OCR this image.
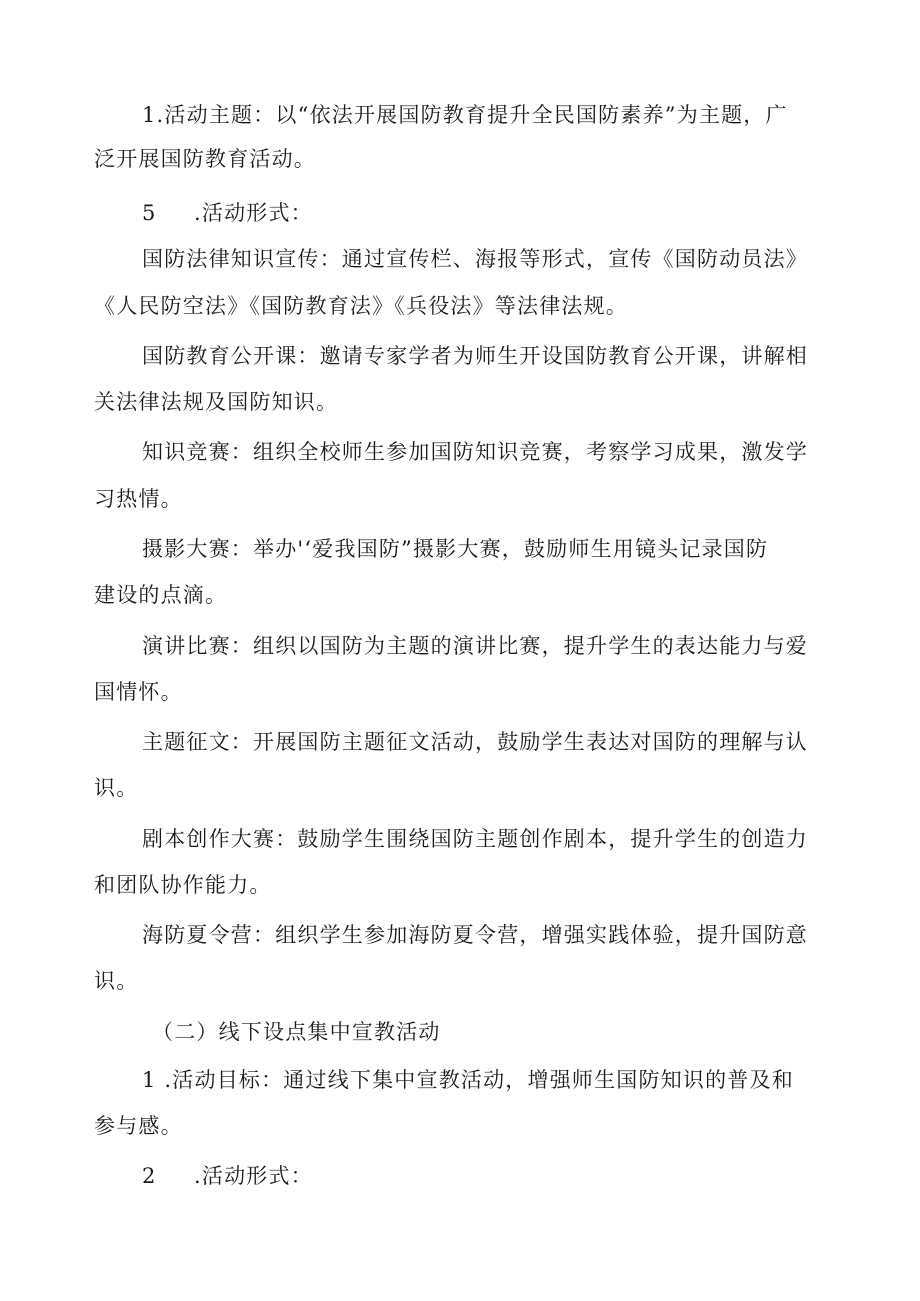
1.活动主题：以“依法开展国防教育提升全民国防素养”为主题，广
泛开展国防教育活动。
5 .活动形式：
国防法律知识宣传：通过宣传栏、海报等形式，宣传《国防动员法》
《人民防空法》《国防教育法》《兵役法》等法律法规。
国防教育公开课：邀请专家学者为师生开设国防教育公开课，讲解相
关法律法规及国防知识。
知识竞赛：组织全校师生参加国防知识竞赛，考察学习成果，激发学
习热情。
摄影大赛：举办'‘爱我国防”摄影大赛，鼓励师生用镜头记录国防
建设的点滴。
演讲比赛：组织以国防为主题的演讲比赛，提升学生的表达能力与爱
国情怀。
主题征文：开展国防主题征文活动，鼓励学生表达对国防的理解与认
识。
剧本创作大赛：鼓励学生围绕国防主题创作剧本，提升学生的创造力
和团队协作能力。
海防夏令营：组织学生参加海防夏令营，增强实践体验，提升国防意
识。
（二）线下设点集中宣教活动
1 .活动目标：通过线下集中宣教活动，增强师生国防知识的普及和
参与感。
2 .活动形式：
